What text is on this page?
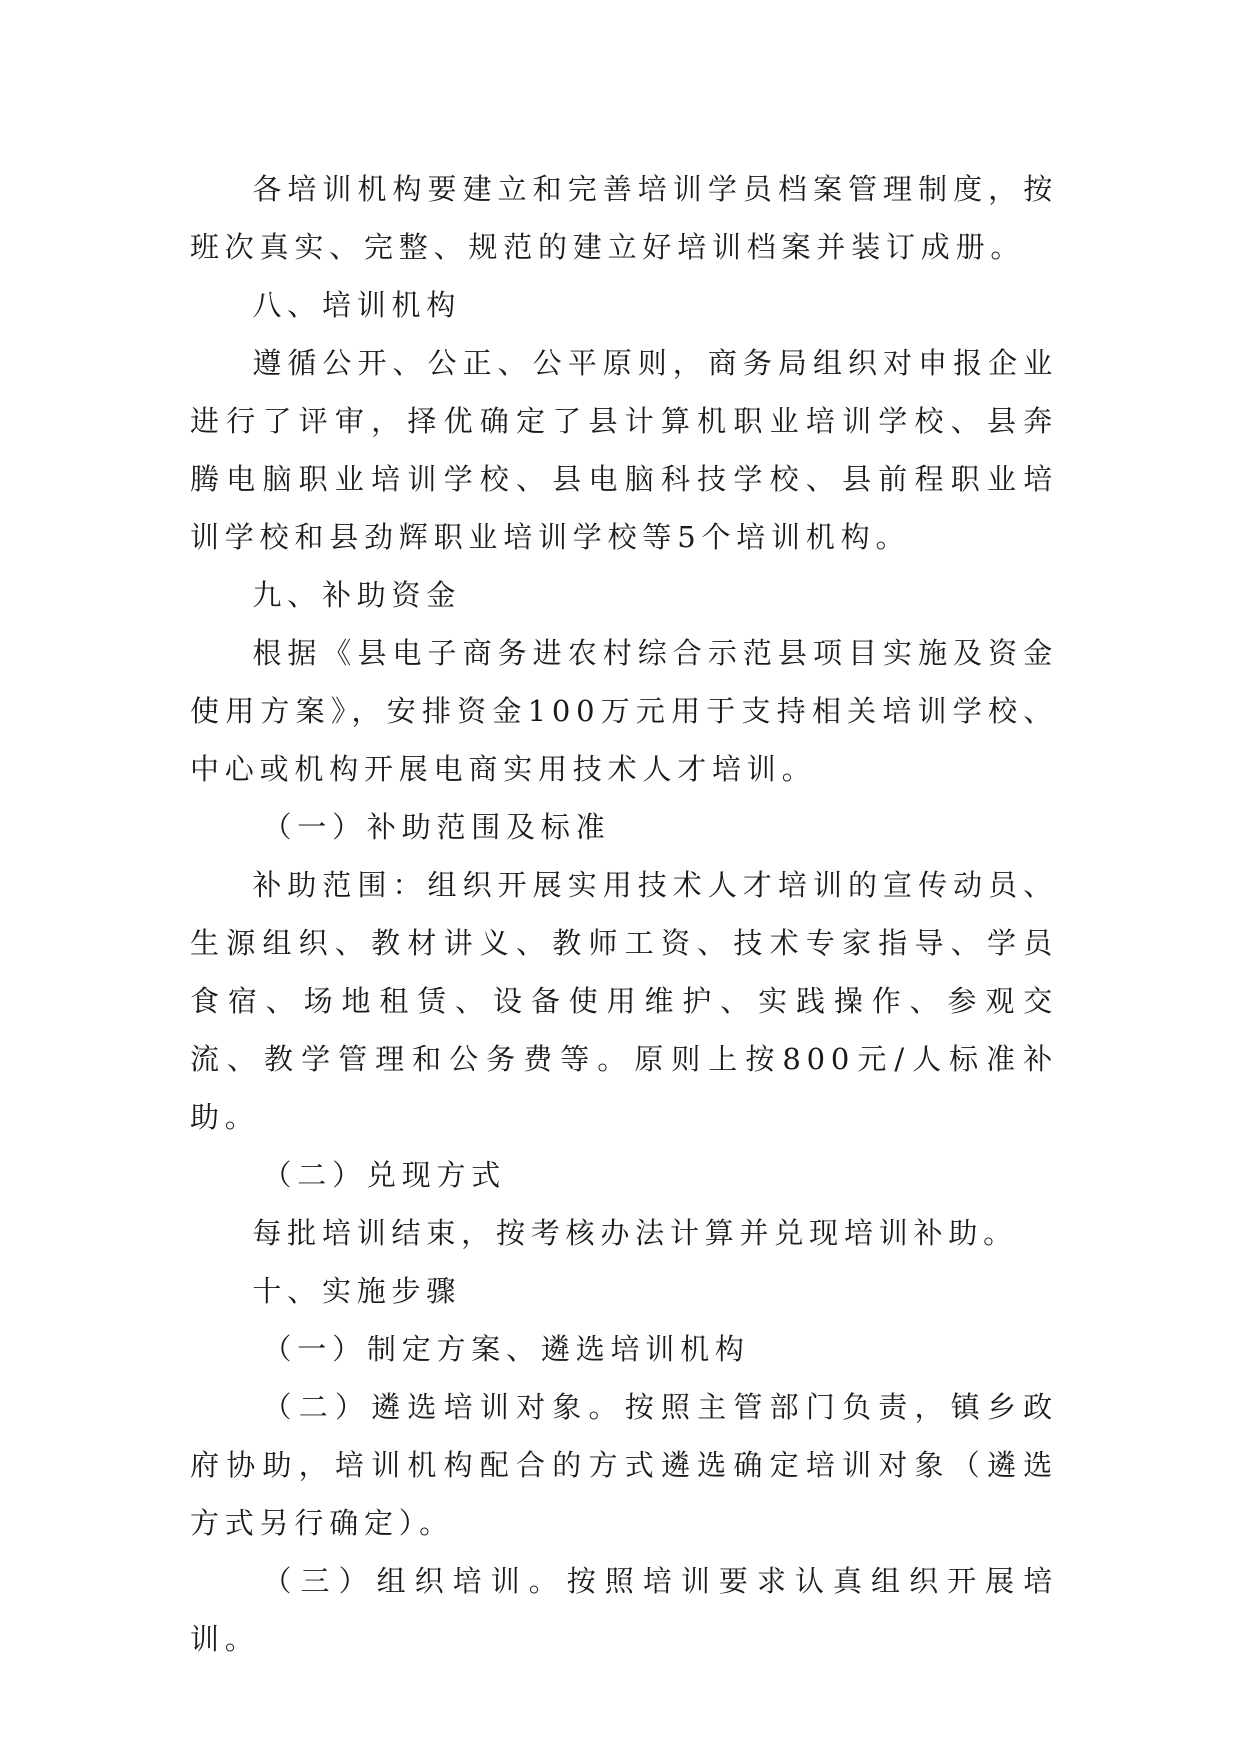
各培训机构要建立和完善培训学员档案管理制度，按班次真实、完整、规范的建立好培训档案并装订成册。

八、培训机构

遵循公开、公正、公平原则，商务局组织对申报企业进行了评审，择优确定了县计算机职业培训学校、县奔腾电脑职业培训学校、县电脑科技学校、县前程职业培训学校和县劲辉职业培训学校等5个培训机构。

九、补助资金

根据《县电子商务进农村综合示范县项目实施及资金使用方案》，安排资金100万元用于支持相关培训学校、中心或机构开展电商实用技术人才培训。

（一）补助范围及标准

补助范围：组织开展实用技术人才培训的宣传动员、生源组织、教材讲义、教师工资、技术专家指导、学员食宿、场地租赁、设备使用维护、实践操作、参观交流、教学管理和公务费等。原则上按800元/人标准补助。

（二）兑现方式

每批培训结束，按考核办法计算并兑现培训补助。

十、实施步骤

（一）制定方案、遴选培训机构

（二）遴选培训对象。按照主管部门负责，镇乡政府协助，培训机构配合的方式遴选确定培训对象（遴选方式另行确定）。

（三）组织培训。按照培训要求认真组织开展培训。
